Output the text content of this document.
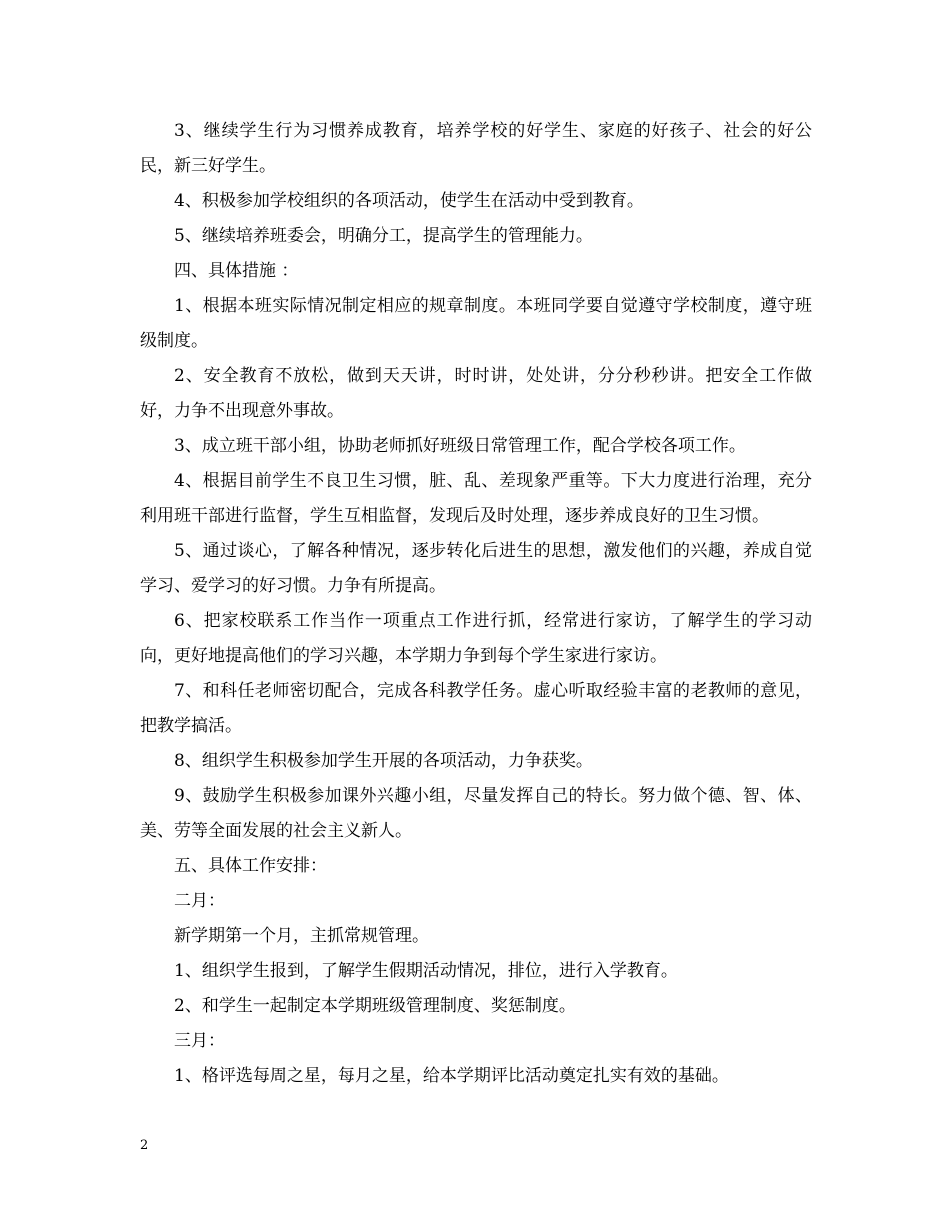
3、继续学生行为习惯养成教育，培养学校的好学生、家庭的好孩子、社会的好公民，新三好学生。

4、积极参加学校组织的各项活动，使学生在活动中受到教育。

5、继续培养班委会，明确分工，提高学生的管理能力。

四、具体措施 ：

1、根据本班实际情况制定相应的规章制度。本班同学要自觉遵守学校制度，遵守班级制度。

2、安全教育不放松，做到天天讲，时时讲，处处讲，分分秒秒讲。把安全工作做好，力争不出现意外事故。

3、成立班干部小组，协助老师抓好班级日常管理工作，配合学校各项工作。

4、根据目前学生不良卫生习惯，脏、乱、差现象严重等。下大力度进行治理，充分利用班干部进行监督，学生互相监督，发现后及时处理，逐步养成良好的卫生习惯。

5、通过谈心，了解各种情况，逐步转化后进生的思想，激发他们的兴趣，养成自觉学习、爱学习的好习惯。力争有所提高。

6、把家校联系工作当作一项重点工作进行抓，经常进行家访，了解学生的学习动向，更好地提高他们的学习兴趣，本学期力争到每个学生家进行家访。

7、和科任老师密切配合，完成各科教学任务。虚心听取经验丰富的老教师的意见，把教学搞活。

8、组织学生积极参加学生开展的各项活动，力争获奖。

9、鼓励学生积极参加课外兴趣小组，尽量发挥自己的特长。努力做个德、智、体、美、劳等全面发展的社会主义新人。

五、具体工作安排：

二月：

新学期第一个月，主抓常规管理。

1、组织学生报到，了解学生假期活动情况，排位，进行入学教育。

2、和学生一起制定本学期班级管理制度、奖惩制度。

三月：

1、格评选每周之星，每月之星，给本学期评比活动奠定扎实有效的基础。

2
